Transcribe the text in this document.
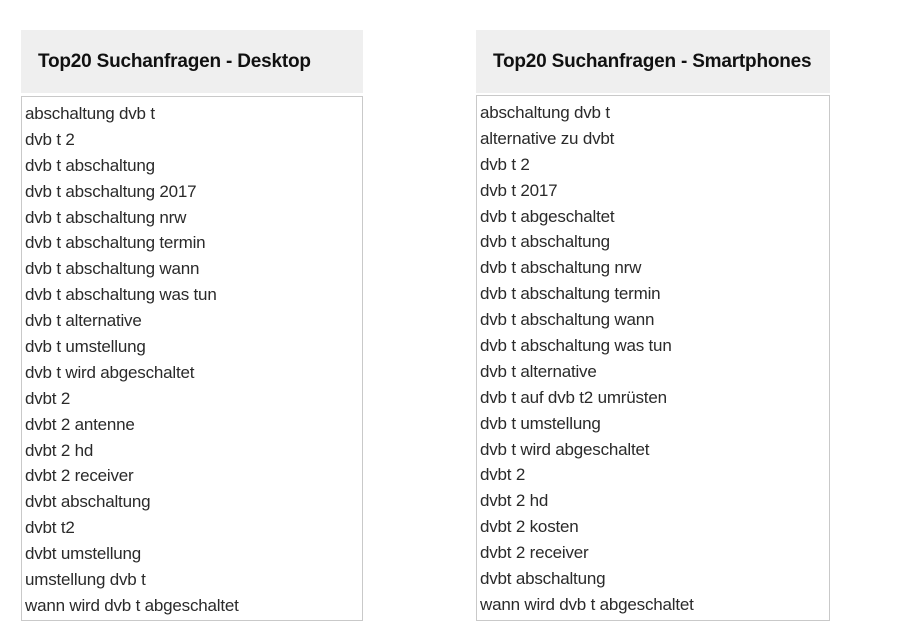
Top20 Suchanfragen - Desktop
abschaltung dvb t
dvb t 2
dvb t abschaltung
dvb t abschaltung 2017
dvb t abschaltung nrw
dvb t abschaltung termin
dvb t abschaltung wann
dvb t abschaltung was tun
dvb t alternative
dvb t umstellung
dvb t wird abgeschaltet
dvbt 2
dvbt 2 antenne
dvbt 2 hd
dvbt 2 receiver
dvbt abschaltung
dvbt t2
dvbt umstellung
umstellung dvb t
wann wird dvb t abgeschaltet
Top20 Suchanfragen - Smartphones
abschaltung dvb t
alternative zu dvbt
dvb t 2
dvb t 2017
dvb t abgeschaltet
dvb t abschaltung
dvb t abschaltung nrw
dvb t abschaltung termin
dvb t abschaltung wann
dvb t abschaltung was tun
dvb t alternative
dvb t auf dvb t2 umrüsten
dvb t umstellung
dvb t wird abgeschaltet
dvbt 2
dvbt 2 hd
dvbt 2 kosten
dvbt 2 receiver
dvbt abschaltung
wann wird dvb t abgeschaltet
